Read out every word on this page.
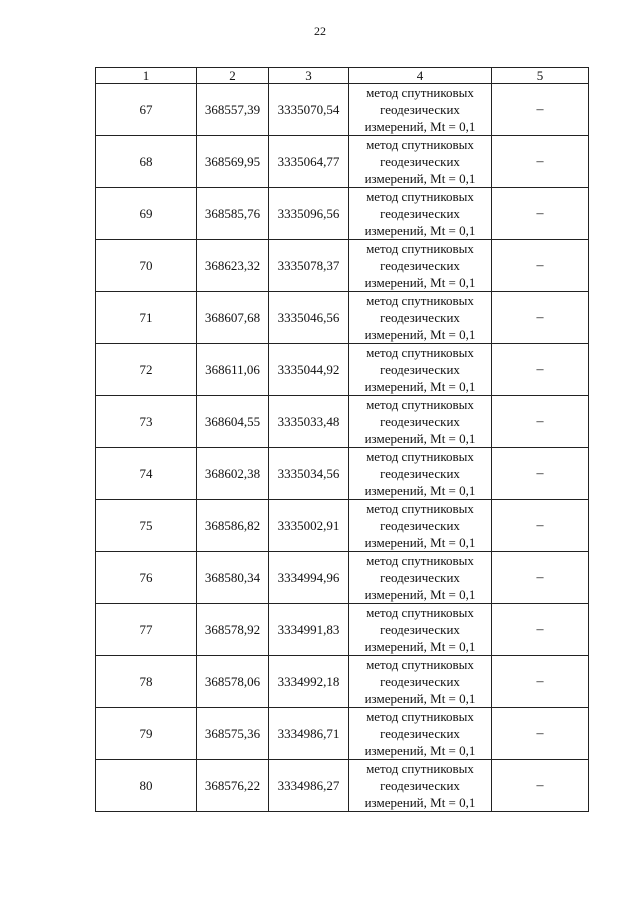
22
1	2	3	4	5
67	368557,39	3335070,54	метод спутниковых
геодезических
измерений, Mt = 0,1	–
68	368569,95	3335064,77	метод спутниковых
геодезических
измерений, Mt = 0,1	–
69	368585,76	3335096,56	метод спутниковых
геодезических
измерений, Mt = 0,1	–
70	368623,32	3335078,37	метод спутниковых
геодезических
измерений, Mt = 0,1	–
71	368607,68	3335046,56	метод спутниковых
геодезических
измерений, Mt = 0,1	–
72	368611,06	3335044,92	метод спутниковых
геодезических
измерений, Mt = 0,1	–
73	368604,55	3335033,48	метод спутниковых
геодезических
измерений, Mt = 0,1	–
74	368602,38	3335034,56	метод спутниковых
геодезических
измерений, Mt = 0,1	–
75	368586,82	3335002,91	метод спутниковых
геодезических
измерений, Mt = 0,1	–
76	368580,34	3334994,96	метод спутниковых
геодезических
измерений, Mt = 0,1	–
77	368578,92	3334991,83	метод спутниковых
геодезических
измерений, Mt = 0,1	–
78	368578,06	3334992,18	метод спутниковых
геодезических
измерений, Mt = 0,1	–
79	368575,36	3334986,71	метод спутниковых
геодезических
измерений, Mt = 0,1	–
80	368576,22	3334986,27	метод спутниковых
геодезических
измерений, Mt = 0,1	–
